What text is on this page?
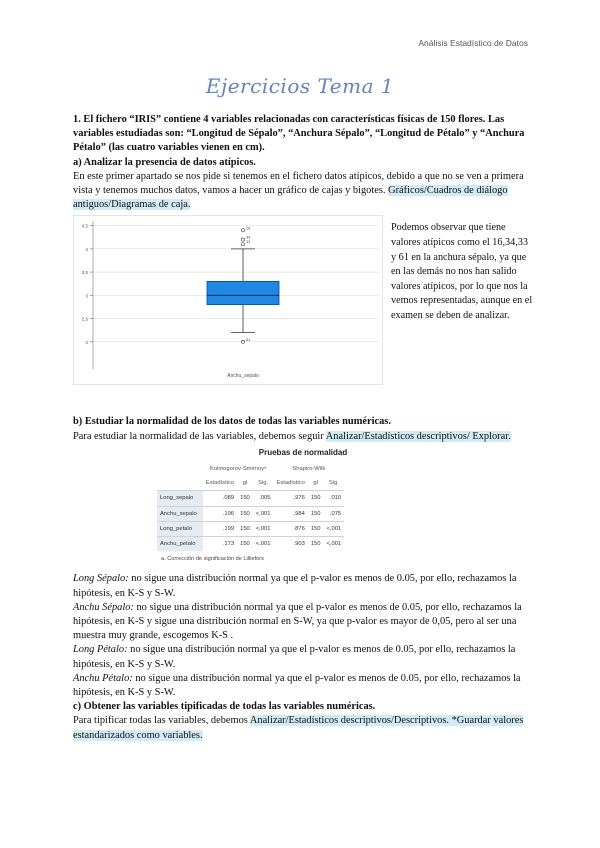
Análisis Estadístico de Datos
Ejercicios Tema 1

1. El fichero “IRIS” contiene 4 variables relacionadas con características físicas de 150 flores. Las variables estudiadas son: “Longitud de Sépalo”, “Anchura Sépalo”, “Longitud de Pétalo” y “Anchura Pétalo” (las cuatro variables vienen en cm).

a) Analizar la presencia de datos atípicos.

En este primer apartado se nos pide si tenemos en el fichero datos atípicos, debido a que no se ven a primera vista y tenemos muchos datos, vamos a hacer un gráfico de cajas y bigotes. Gráficos/Cuadros de diálogo antiguos/Diagramas de caja.

2
2,5
3
3,5
4
4,5	16
34
33
61
Anchu_sepalo

Podemos observar que tiene valores atípicos como el 16,34,33 y 61 en la anchura sépalo, ya que en las demás no nos han salido valores atípicos, por lo que nos la vemos representadas, aunque en el examen se deben de analizar.

b) Estudiar la normalidad de los datos de todas las variables numéricas.

Para estudiar la normalidad de las variables, debemos seguir Analizar/Estadísticos descriptivos/ Explorar.

Pruebas de normalidad
	Kolmogorov-Smirnovᵃ			Shapiro-Wilk		
	Estadístico	gl	Sig.	Estadístico	gl	Sig.
Long_sepalo	.089	150	.005	.976	150	.010
Anchu_sepalo	.106	150	<,001	.984	150	.075
Long_petalo	.199	150	<,001	.876	150	<,001
Anchu_petalo	.173	150	<,001	.903	150	<,001
a. Corrección de significación de Lilliefors

Long Sépalo: no sigue una distribución normal ya que el p-valor es menos de 0.05, por ello, rechazamos la hipótesis, en K-S y S-W.

Anchu Sépalo: no sigue una distribución normal ya que el p-valor es menos de 0.05, por ello, rechazamos la hipótesis, en K-S y sigue una distribución normal en S-W, ya que p-valor es mayor de 0,05, pero al ser una muestra muy grande, escogemos K-S .

Long Pétalo: no sigue una distribución normal ya que el p-valor es menos de 0.05, por ello, rechazamos la hipótesis, en K-S y S-W.

Anchu Pétalo: no sigue una distribución normal ya que el p-valor es menos de 0.05, por ello, rechazamos la hipótesis, en K-S y S-W.

c) Obtener las variables tipificadas de todas las variables numéricas.

Para tipificar todas las variables, debemos Analizar/Estadísticos descriptivos/Descriptivos. *Guardar valores estandarizados como variables.
